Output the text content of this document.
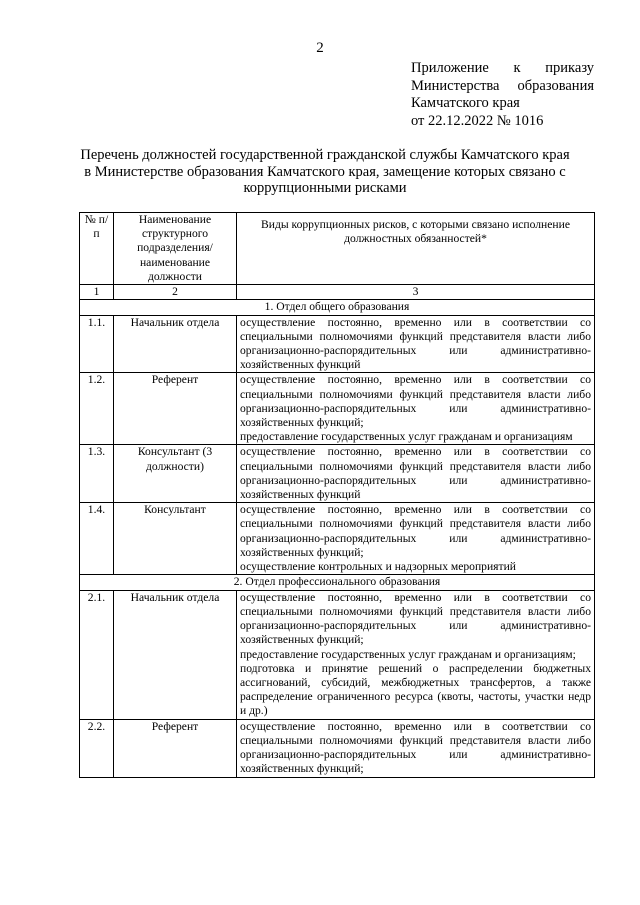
2
Приложение к приказу
Министерства образования
Камчатского края
от 22.12.2022 № 1016
Перечень должностей государственной гражданской службы Камчатского края
в Министерстве образования Камчатского края, замещение которых связано с
коррупционными рисками
№ п/п	Наименование структурного подразделения/ наименование должности	Виды коррупционных рисков, с которыми связано исполнение должностных обязанностей*
1	2	3
1. Отдел общего образования		
1.1.	Начальник отдела	осуществление постоянно, временно или в соответствии со специальными полномочиями функций представителя власти либо организационно-распорядительных или административно-хозяйственных функций

1.2.	Референт	осуществление постоянно, временно или в соответствии со специальными полномочиями функций представителя власти либо организационно-распорядительных или административно-хозяйственных функций;
предоставление государственных услуг гражданам и организациям

1.3.	Консультант (3 должности)	осуществление постоянно, временно или в соответствии со специальными полномочиями функций представителя власти либо организационно-распорядительных или административно-хозяйственных функций

1.4.	Консультант	осуществление постоянно, временно или в соответствии со специальными полномочиями функций представителя власти либо организационно-распорядительных или административно-хозяйственных функций;
осуществление контрольных и надзорных мероприятий

2. Отдел профессионального образования		
2.1.	Начальник отдела	осуществление постоянно, временно или в соответствии со специальными полномочиями функций представителя власти либо организационно-распорядительных или административно-хозяйственных функций;
предоставление государственных услуг гражданам и организациям;
подготовка и принятие решений о распределении бюджетных ассигнований, субсидий, межбюджетных трансфертов, а также распределение ограниченного ресурса (квоты, частоты, участки недр и др.)

2.2.	Референт	осуществление постоянно, временно или в соответствии со специальными полномочиями функций представителя власти либо организационно-распорядительных или административно-хозяйственных функций;
